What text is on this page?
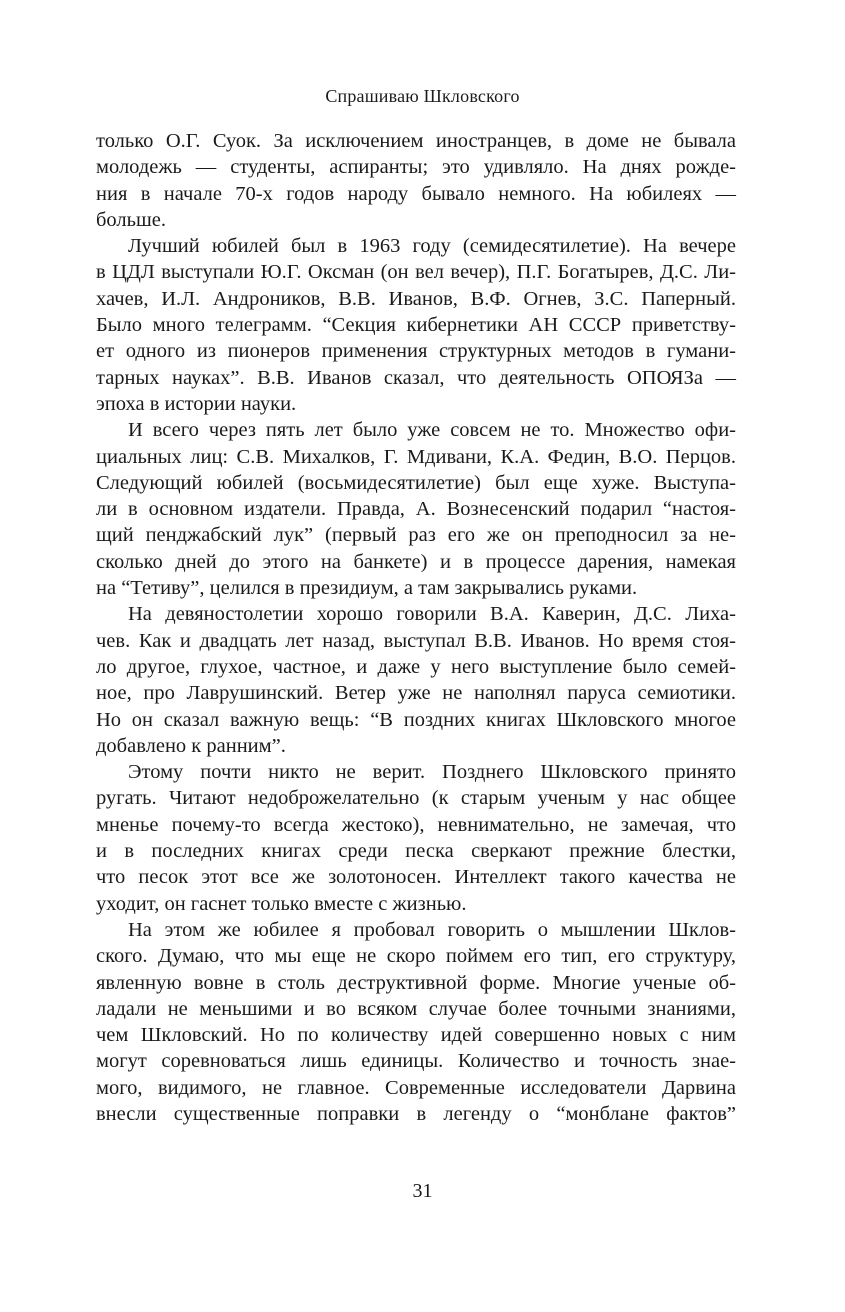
Спрашиваю Шкловского
только О.Г. Суок. За исключением иностранцев, в доме не бывала
молодежь — студенты, аспиранты; это удивляло. На днях рожде-
ния в начале 70-х годов народу бывало немного. На юбилеях —
больше.
Лучший юбилей был в 1963 году (семидесятилетие). На вечере
в ЦДЛ выступали Ю.Г. Оксман (он вел вечер), П.Г. Богатырев, Д.С. Ли-
хачев, И.Л. Андроников, В.В. Иванов, В.Ф. Огнев, З.С. Паперный.
Было много телеграмм. “Секция кибернетики АН СССР приветству-
ет одного из пионеров применения структурных методов в гумани-
тарных науках”. В.В. Иванов сказал, что деятельность ОПОЯЗа —
эпоха в истории науки.
И всего через пять лет было уже совсем не то. Множество офи-
циальных лиц: С.В. Михалков, Г. Мдивани, К.А. Федин, В.О. Перцов.
Следующий юбилей (восьмидесятилетие) был еще хуже. Выступа-
ли в основном издатели. Правда, А. Вознесенский подарил “настоя-
щий пенджабский лук” (первый раз его же он преподносил за не-
сколько дней до этого на банкете) и в процессе дарения, намекая
на “Тетиву”, целился в президиум, а там закрывались руками.
На девяностолетии хорошо говорили В.А. Каверин, Д.С. Лиха-
чев. Как и двадцать лет назад, выступал В.В. Иванов. Но время стоя-
ло другое, глухое, частное, и даже у него выступление было семей-
ное, про Лаврушинский. Ветер уже не наполнял паруса семиотики.
Но он сказал важную вещь: “В поздних книгах Шкловского многое
добавлено к ранним”.
Этому почти никто не верит. Позднего Шкловского принято
ругать. Читают недоброжелательно (к старым ученым у нас общее
мненье почему-то всегда жестоко), невнимательно, не замечая, что
и в последних книгах среди песка сверкают прежние блестки,
что песок этот все же золотоносен. Интеллект такого качества не
уходит, он гаснет только вместе с жизнью.
На этом же юбилее я пробовал говорить о мышлении Шклов-
ского. Думаю, что мы еще не скоро поймем его тип, его структуру,
явленную вовне в столь деструктивной форме. Многие ученые об-
ладали не меньшими и во всяком случае более точными знаниями,
чем Шкловский. Но по количеству идей совершенно новых с ним
могут соревноваться лишь единицы. Количество и точность знае-
мого, видимого, не главное. Современные исследователи Дарвина
внесли существенные поправки в легенду о “монблане фактов”
31
